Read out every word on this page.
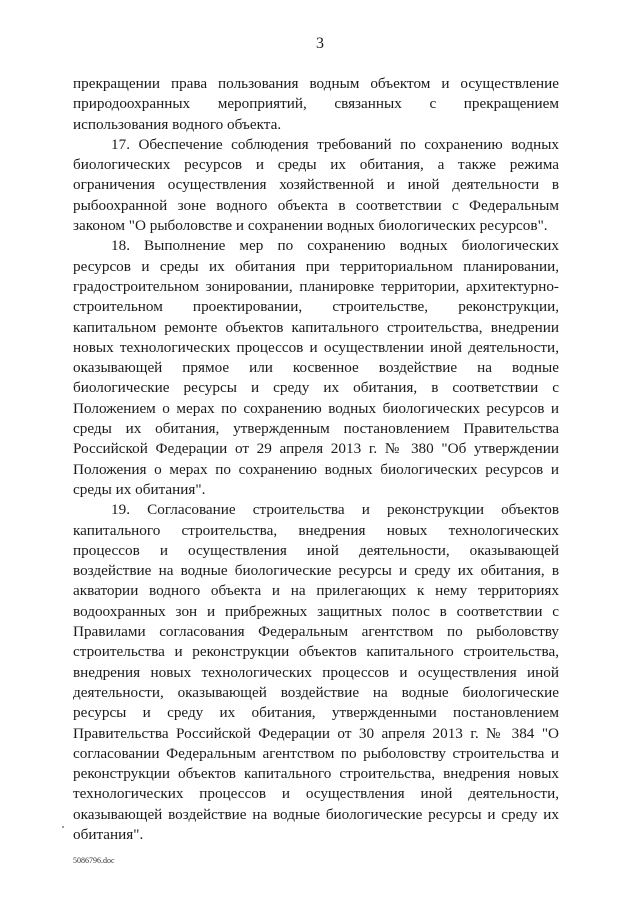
3

прекращении права пользования водным объектом и осуществление природоохранных мероприятий, связанных с прекращением использования водного объекта.

17. Обеспечение соблюдения требований по сохранению водных биологических ресурсов и среды их обитания, а также режима ограничения осуществления хозяйственной и иной деятельности в рыбоохранной зоне водного объекта в соответствии с Федеральным законом "О рыболовстве и сохранении водных биологических ресурсов".

18. Выполнение мер по сохранению водных биологических ресурсов и среды их обитания при территориальном планировании, градостроительном зонировании, планировке территории, архитектурно-строительном проектировании, строительстве, реконструкции, капитальном ремонте объектов капитального строительства, внедрении новых технологических процессов и осуществлении иной деятельности, оказывающей прямое или косвенное воздействие на водные биологические ресурсы и среду их обитания, в соответствии с Положением о мерах по сохранению водных биологических ресурсов и среды их обитания, утвержденным постановлением Правительства Российской Федерации от 29 апреля 2013 г. № 380 "Об утверждении Положения о мерах по сохранению водных биологических ресурсов и среды их обитания".

19. Согласование строительства и реконструкции объектов капитального строительства, внедрения новых технологических процессов и осуществления иной деятельности, оказывающей воздействие на водные биологические ресурсы и среду их обитания, в акватории водного объекта и на прилегающих к нему территориях водоохранных зон и прибрежных защитных полос в соответствии с Правилами согласования Федеральным агентством по рыболовству строительства и реконструкции объектов капитального строительства, внедрения новых технологических процессов и осуществления иной деятельности, оказывающей воздействие на водные биологические ресурсы и среду их обитания, утвержденными постановлением Правительства Российской Федерации от 30 апреля 2013 г. № 384 "О согласовании Федеральным агентством по рыболовству строительства и реконструкции объектов капитального строительства, внедрения новых технологических процессов и осуществления иной деятельности, оказывающей воздействие на водные биологические ресурсы и среду их обитания".

5086796.doc
